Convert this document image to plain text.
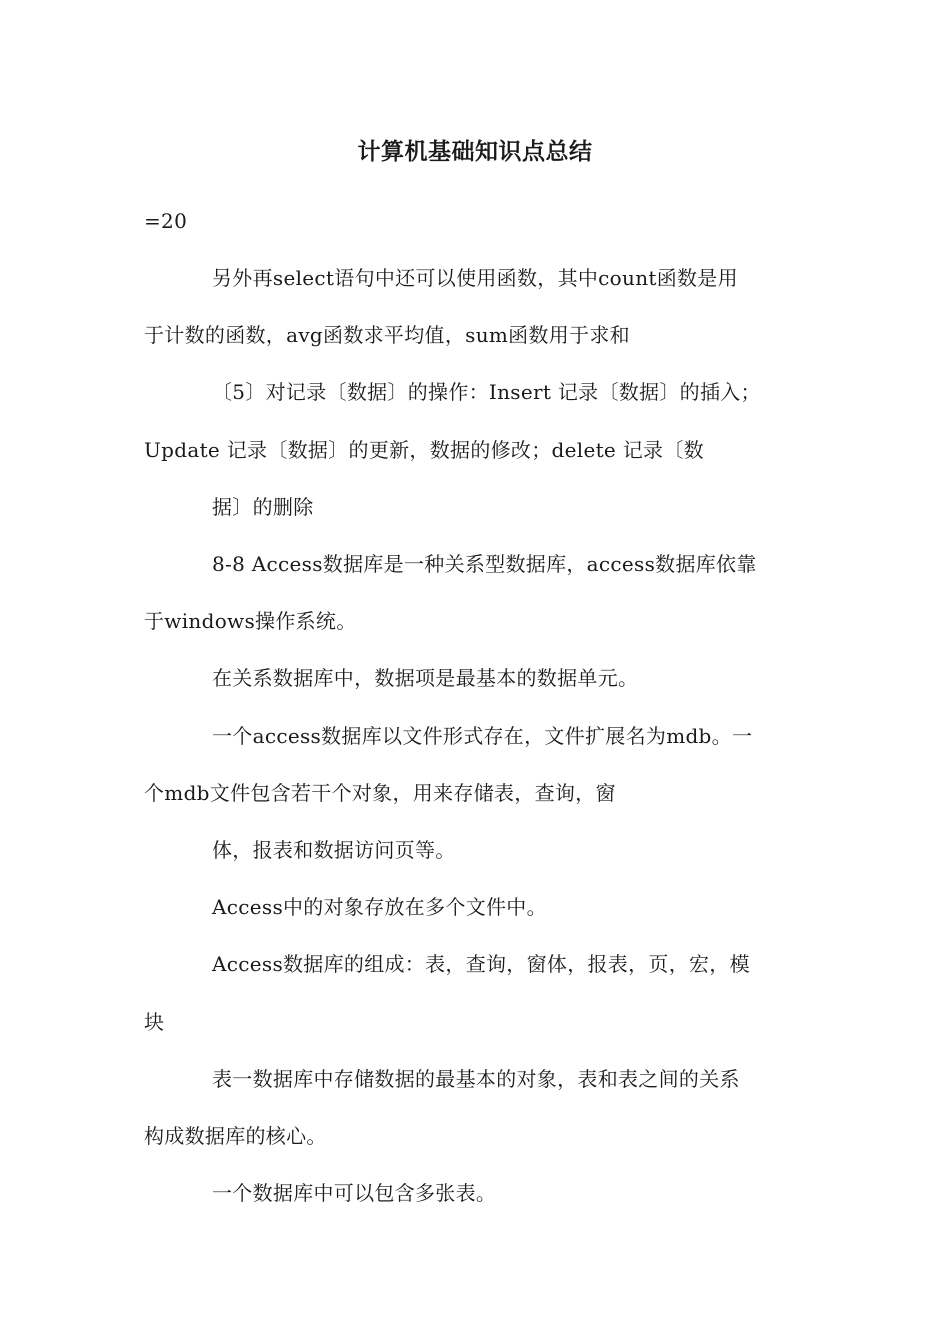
计算机基础知识点总结
=20
另外再select语句中还可以使用函数，其中count函数是用
于计数的函数，avg函数求平均值，sum函数用于求和
〔5〕对记录〔数据〕的操作：Insert 记录〔数据〕的插入；
Update 记录〔数据〕的更新，数据的修改；delete 记录〔数
据〕的删除
8-8 Access数据库是一种关系型数据库，access数据库依靠
于windows操作系统。
在关系数据库中，数据项是最基本的数据单元。
一个access数据库以文件形式存在，文件扩展名为mdb。一
个mdb文件包含若干个对象，用来存储表，查询，窗
体，报表和数据访问页等。
Access中的对象存放在多个文件中。
Access数据库的组成：表，查询，窗体，报表，页，宏，模
块
表一数据库中存储数据的最基本的对象，表和表之间的关系
构成数据库的核心。
一个数据库中可以包含多张表。
